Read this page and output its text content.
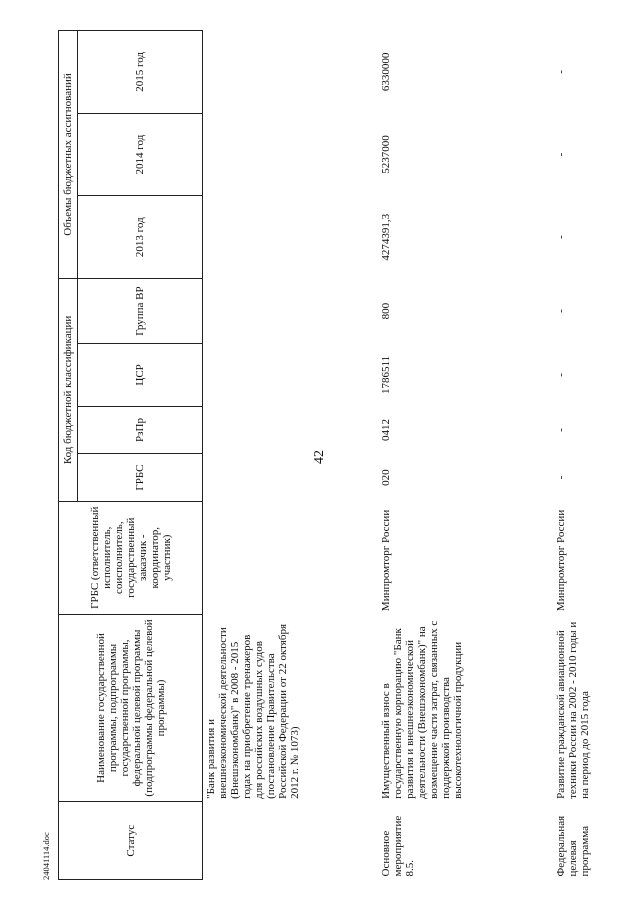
42
24041114.doc	Статус	Наименование государственной программы, подпрограммы государственной программы, федеральной целевой программы (подпрограммы федеральной целевой программы)	ГРБС (ответственный исполнитель, соисполнитель, государственный заказчик - координатор, участник)	Код бюджетной классификации				Объемы бюджетных ассигнований		
			ГРБС	РзПр	ЦСР	Группа ВР	2013 год	2014 год	2015 год
	"Банк развития и внешнеэкономической деятельности (Внешэкономбанк)" в 2008 - 2015 годах на приобретение тренажеров для российских воздушных судов (постановление Правительства Российской Федерации от 22 октября 2012 г. № 1073)								
Основное мероприятие 8.5.	Имущественный взнос в государственную корпорацию "Банк развития и внешнеэкономической деятельности (Внешэкономбанк)" на возмещение части затрат, связанных с поддержкой производства высокотехнологичной продукции	Минпромторг России	020	0412	1786511	800	4274391,3	5237000	6330000
Федеральная целевая программа	Развитие гражданской авиационной техники России на 2002 - 2010 годы и на период до 2015 года	Минпромторг России	-	-	-	-	-	-	-
